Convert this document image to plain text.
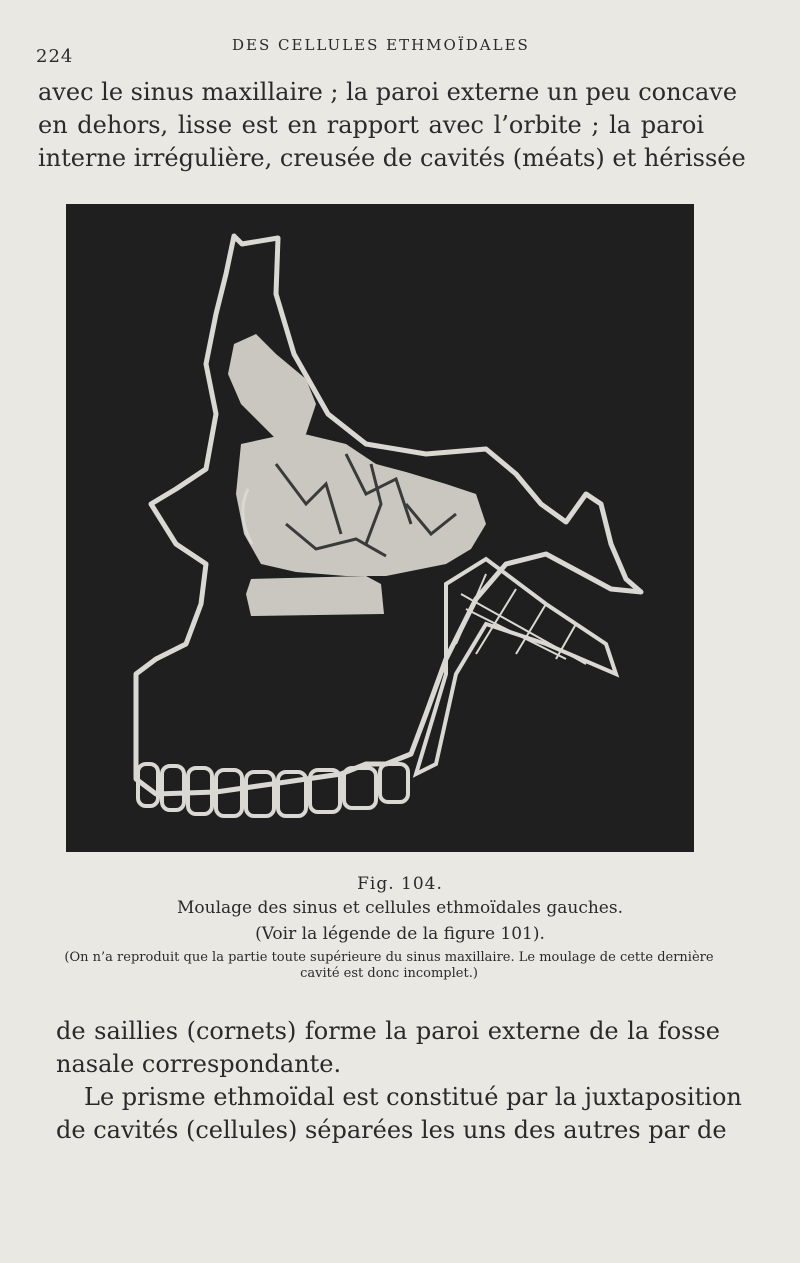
224
DES CELLULES ETHMOÏDALES

avec le sinus maxillaire ; la paroi externe un peu concave
en dehors, lisse est en rapport avec l’orbite ; la paroi
interne irrégulière, creusée de cavités (méats) et hérissée

Fig. 104.
Moulage des sinus et cellules ethmoïdales gauches.
(Voir la légende de la figure 101).
(On n’a reproduit que la partie toute supérieure du sinus maxillaire. Le moulage de cette dernière cavité est donc incomplet.)

de saillies (cornets) forme la paroi externe de la fosse
nasale correspondante.
Le prisme ethmoïdal est constitué par la juxtaposition
de cavités (cellules) séparées les uns des autres par de
